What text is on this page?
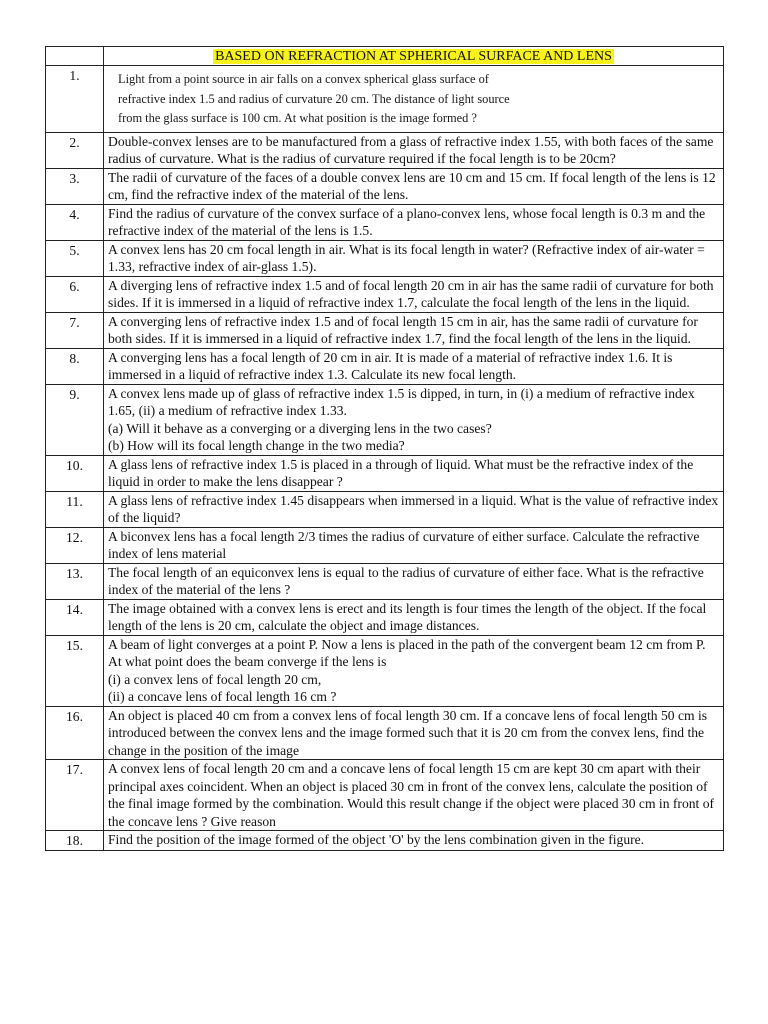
	BASED ON REFRACTION AT SPHERICAL SURFACE AND LENS
1.	Light from a point source in air falls on a convex spherical glass surface of refractive index 1.5 and radius of curvature 20 cm. The distance of light source from the glass surface is 100 cm. At what position is the image formed ?

2.	Double-convex lenses are to be manufactured from a glass of refractive index 1.55, with both faces of the same radius of curvature. What is the radius of curvature required if the focal length is to be 20cm?

3.	The radii of curvature of the faces of a double convex lens are 10 cm and 15 cm. If focal length of the lens is 12 cm, find the refractive index of the material of the lens.

4.	Find the radius of curvature of the convex surface of a plano-convex lens, whose focal length is 0.3 m and the refractive index of the material of the lens is 1.5.

5.	A convex lens has 20 cm focal length in air. What is its focal length in water? (Refractive index of air-water = 1.33, refractive index of air-glass 1.5).

6.	A diverging lens of refractive index 1.5 and of focal length 20 cm in air has the same radii of curvature for both sides. If it is immersed in a liquid of refractive index 1.7, calculate the focal length of the lens in the liquid.

7.	A converging lens of refractive index 1.5 and of focal length 15 cm in air, has the same radii of curvature for both sides. If it is immersed in a liquid of refractive index 1.7, find the focal length of the lens in the liquid.

8.	A converging lens has a focal length of 20 cm in air. It is made of a material of refractive index 1.6. It is immersed in a liquid of refractive index 1.3. Calculate its new focal length.

9.	A convex lens made up of glass of refractive index 1.5 is dipped, in turn, in (i) a medium of refractive index 1.65, (ii) a medium of refractive index 1.33.

(a) Will it behave as a converging or a diverging lens in the two cases?

(b) How will its focal length change in the two media?

10.	A glass lens of refractive index 1.5 is placed in a through of liquid. What must be the refractive index of the liquid in order to make the lens disappear ?

11.	A glass lens of refractive index 1.45 disappears when immersed in a liquid. What is the value of refractive index of the liquid?

12.	A biconvex lens has a focal length 2/3 times the radius of curvature of either surface. Calculate the refractive index of lens material

13.	The focal length of an equiconvex lens is equal to the radius of curvature of either face. What is the refractive index of the material of the lens ?

14.	The image obtained with a convex lens is erect and its length is four times the length of the object. If the focal length of the lens is 20 cm, calculate the object and image distances.

15.	A beam of light converges at a point P. Now a lens is placed in the path of the convergent beam 12 cm from P. At what point does the beam converge if the lens is

(i) a convex lens of focal length 20 cm,

(ii) a concave lens of focal length 16 cm ?

16.	An object is placed 40 cm from a convex lens of focal length 30 cm. If a concave lens of focal length 50 cm is introduced between the convex lens and the image formed such that it is 20 cm from the convex lens, find the change in the position of the image

17.	A convex lens of focal length 20 cm and a concave lens of focal length 15 cm are kept 30 cm apart with their principal axes coincident. When an object is placed 30 cm in front of the convex lens, calculate the position of the final image formed by the combination. Would this result change if the object were placed 30 cm in front of the concave lens ? Give reason

18.	Find the position of the image formed of the object 'O' by the lens combination given in the figure.
